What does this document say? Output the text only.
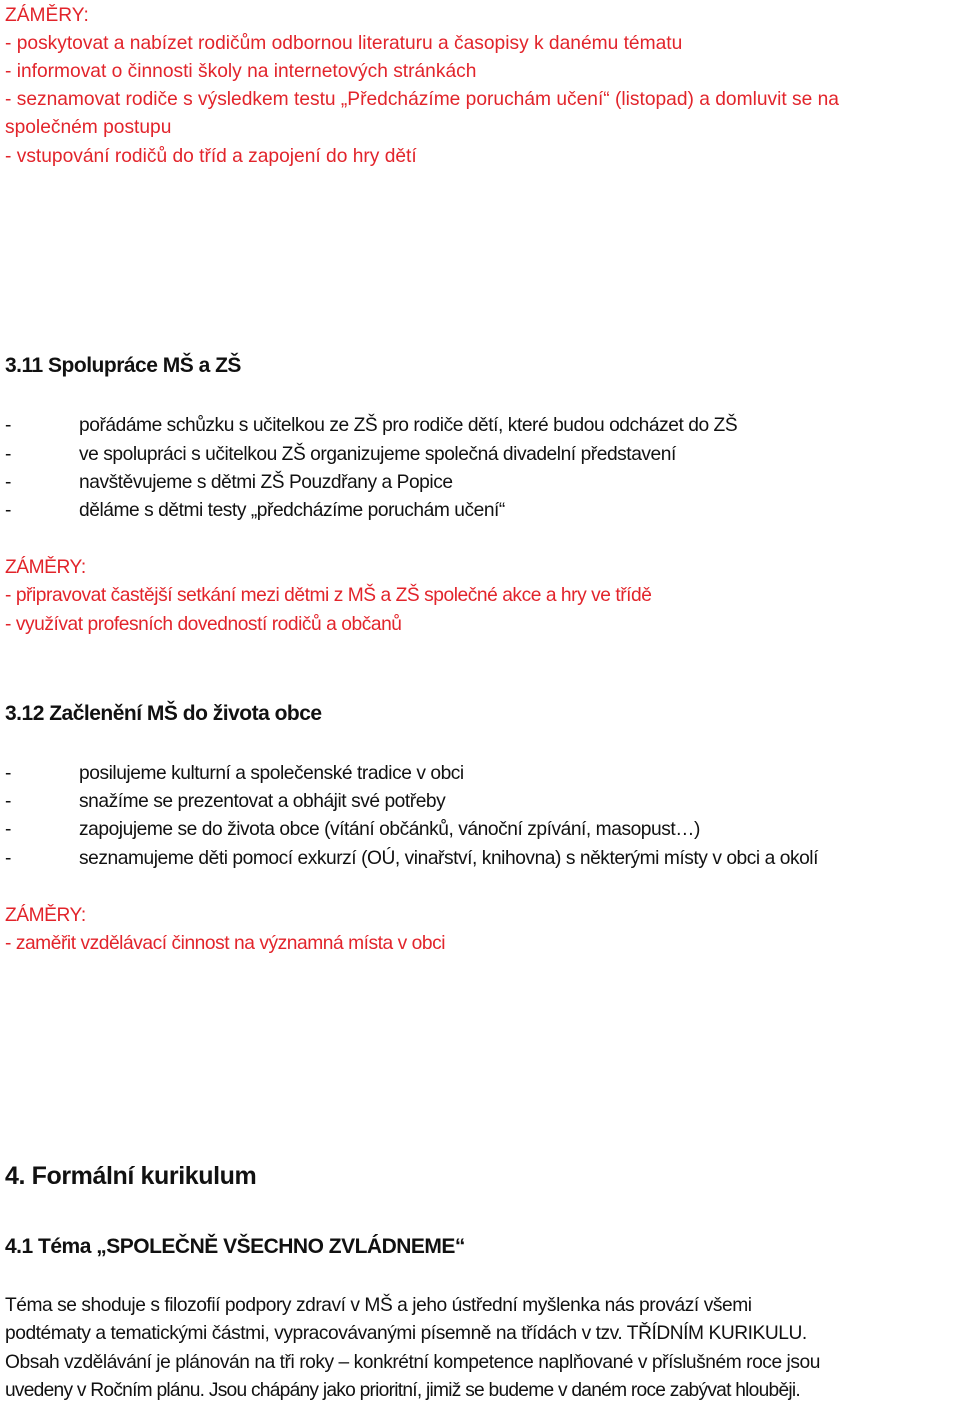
ZÁMĚRY:
- poskytovat a nabízet rodičům odbornou literaturu a časopisy k danému tématu
- informovat o činnosti školy na internetových stránkách
- seznamovat rodiče s výsledkem testu „Předcházíme poruchám učení“ (listopad) a domluvit se na
společném postupu
- vstupování rodičů do tříd a zapojení do hry dětí
3.11 Spolupráce MŠ a ZŠ
-	pořádáme schůzku s učitelkou ze ZŠ pro rodiče dětí, které budou odcházet do ZŠ
-	ve spolupráci s učitelkou ZŠ organizujeme společná divadelní představení
-	navštěvujeme s dětmi ZŠ Pouzdřany a Popice
-	děláme s dětmi testy „předcházíme poruchám učení“
ZÁMĚRY:
- připravovat častější setkání mezi dětmi z MŠ a ZŠ společné akce a hry ve třídě
- využívat profesních dovedností rodičů a občanů
3.12 Začlenění MŠ do života obce
-	posilujeme kulturní a společenské tradice v obci
-	snažíme se prezentovat a obhájit své potřeby
-	zapojujeme se do života obce (vítání občánků, vánoční zpívání, masopust…)
-	seznamujeme děti pomocí exkurzí (OÚ, vinařství, knihovna) s některými místy v obci a okolí
ZÁMĚRY:
- zaměřit vzdělávací činnost na významná místa v obci
4. Formální kurikulum
4.1 Téma „SPOLEČNĚ VŠECHNO ZVLÁDNEME“
Téma se shoduje s filozofií podpory zdraví v MŠ a jeho ústřední myšlenka nás provází všemi
podtématy a tematickými částmi, vypracovávanými písemně na třídách v tzv. TŘÍDNÍM KURIKULU.
Obsah vzdělávání je plánován na tři roky – konkrétní kompetence naplňované v příslušném roce jsou
uvedeny v Ročním plánu. Jsou chápány jako prioritní, jimiž se budeme v daném roce zabývat hlouběji.
